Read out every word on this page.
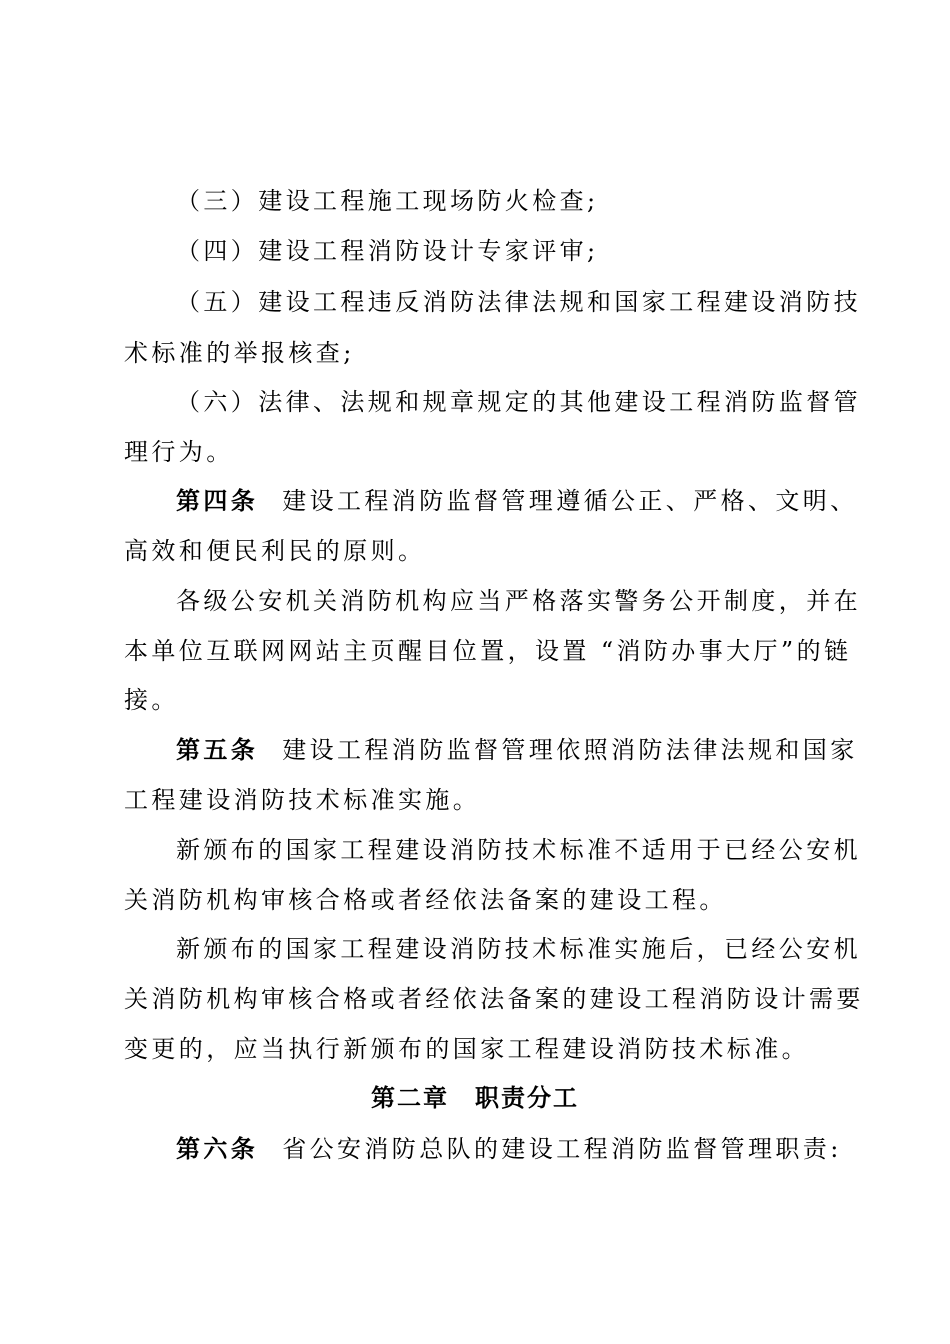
（三）建设工程施工现场防火检查;
（四）建设工程消防设计专家评审;
（五）建设工程违反消防法律法规和国家工程建设消防技
术标准的举报核查;
（六）法律、法规和规章规定的其他建设工程消防监督管
理行为。
第四条 建设工程消防监督管理遵循公正、严格、文明、
高效和便民利民的原则。
各级公安机关消防机构应当严格落实警务公开制度，并在
本单位互联网网站主页醒目位置，设置 “消防办事大厅”的链
接。
第五条 建设工程消防监督管理依照消防法律法规和国家
工程建设消防技术标准实施。
新颁布的国家工程建设消防技术标准不适用于已经公安机
关消防机构审核合格或者经依法备案的建设工程。
新颁布的国家工程建设消防技术标准实施后，已经公安机
关消防机构审核合格或者经依法备案的建设工程消防设计需要
变更的，应当执行新颁布的国家工程建设消防技术标准。
第二章　职责分工
第六条 省公安消防总队的建设工程消防监督管理职责:
